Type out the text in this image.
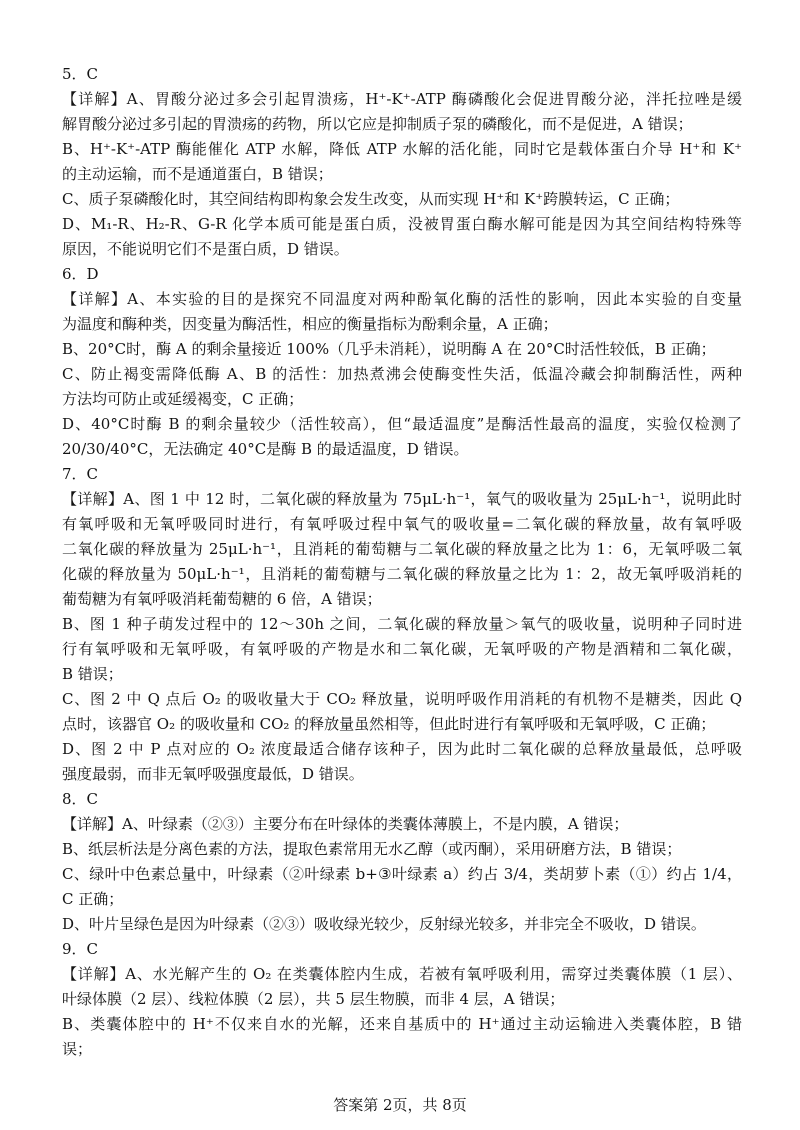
5．C
【详解】A、胃酸分泌过多会引起胃溃疡，H⁺-K⁺-ATP 酶磷酸化会促进胃酸分泌，泮托拉唑是缓
解胃酸分泌过多引起的胃溃疡的药物，所以它应是抑制质子泵的磷酸化，而不是促进，A 错误；
B、H⁺-K⁺-ATP 酶能催化 ATP 水解，降低 ATP 水解的活化能，同时它是载体蛋白介导 H⁺和 K⁺
的主动运输，而不是通道蛋白，B 错误；
C、质子泵磷酸化时，其空间结构即构象会发生改变，从而实现 H⁺和 K⁺跨膜转运，C 正确；
D、M₁-R、H₂-R、G-R 化学本质可能是蛋白质，没被胃蛋白酶水解可能是因为其空间结构特殊等
原因，不能说明它们不是蛋白质，D 错误。
6．D
【详解】A、本实验的目的是探究不同温度对两种酚氧化酶的活性的影响，因此本实验的自变量
为温度和酶种类，因变量为酶活性，相应的衡量指标为酚剩余量，A 正确；
B、20°C时，酶 A 的剩余量接近 100%（几乎未消耗），说明酶 A 在 20°C时活性较低，B 正确；
C、防止褐变需降低酶 A、B 的活性：加热煮沸会使酶变性失活，低温冷藏会抑制酶活性，两种
方法均可防止或延缓褐变，C 正确；
D、40°C时酶 B 的剩余量较少（活性较高），但“最适温度”是酶活性最高的温度，实验仅检测了
20/30/40°C，无法确定 40°C是酶 B 的最适温度，D 错误。
7．C
【详解】A、图 1 中 12 时，二氧化碳的释放量为 75μL·h⁻¹，氧气的吸收量为 25μL·h⁻¹，说明此时
有氧呼吸和无氧呼吸同时进行，有氧呼吸过程中氧气的吸收量=二氧化碳的释放量，故有氧呼吸
二氧化碳的释放量为 25μL·h⁻¹，且消耗的葡萄糖与二氧化碳的释放量之比为 1：6，无氧呼吸二氧
化碳的释放量为 50μL·h⁻¹，且消耗的葡萄糖与二氧化碳的释放量之比为 1：2，故无氧呼吸消耗的
葡萄糖为有氧呼吸消耗葡萄糖的 6 倍，A 错误；
B、图 1 种子萌发过程中的 12～30h 之间，二氧化碳的释放量＞氧气的吸收量，说明种子同时进
行有氧呼吸和无氧呼吸，有氧呼吸的产物是水和二氧化碳，无氧呼吸的产物是酒精和二氧化碳，
B 错误；
C、图 2 中 Q 点后 O₂ 的吸收量大于 CO₂ 释放量，说明呼吸作用消耗的有机物不是糖类，因此 Q
点时，该器官 O₂ 的吸收量和 CO₂ 的释放量虽然相等，但此时进行有氧呼吸和无氧呼吸，C 正确；
D、图 2 中 P 点对应的 O₂ 浓度最适合储存该种子，因为此时二氧化碳的总释放量最低，总呼吸
强度最弱，而非无氧呼吸强度最低，D 错误。
8．C
【详解】A、叶绿素（②③）主要分布在叶绿体的类囊体薄膜上，不是内膜，A 错误；
B、纸层析法是分离色素的方法，提取色素常用无水乙醇（或丙酮），采用研磨方法，B 错误；
C、绿叶中色素总量中，叶绿素（②叶绿素 b+③叶绿素 a）约占 3/4，类胡萝卜素（①）约占 1/4，
C 正确；
D、叶片呈绿色是因为叶绿素（②③）吸收绿光较少，反射绿光较多，并非完全不吸收，D 错误。
9．C
【详解】A、水光解产生的 O₂ 在类囊体腔内生成，若被有氧呼吸利用，需穿过类囊体膜（1 层）、
叶绿体膜（2 层）、线粒体膜（2 层），共 5 层生物膜，而非 4 层，A 错误；
B、类囊体腔中的 H⁺不仅来自水的光解，还来自基质中的 H⁺通过主动运输进入类囊体腔，B 错
误；
答案第 2页，共 8页
